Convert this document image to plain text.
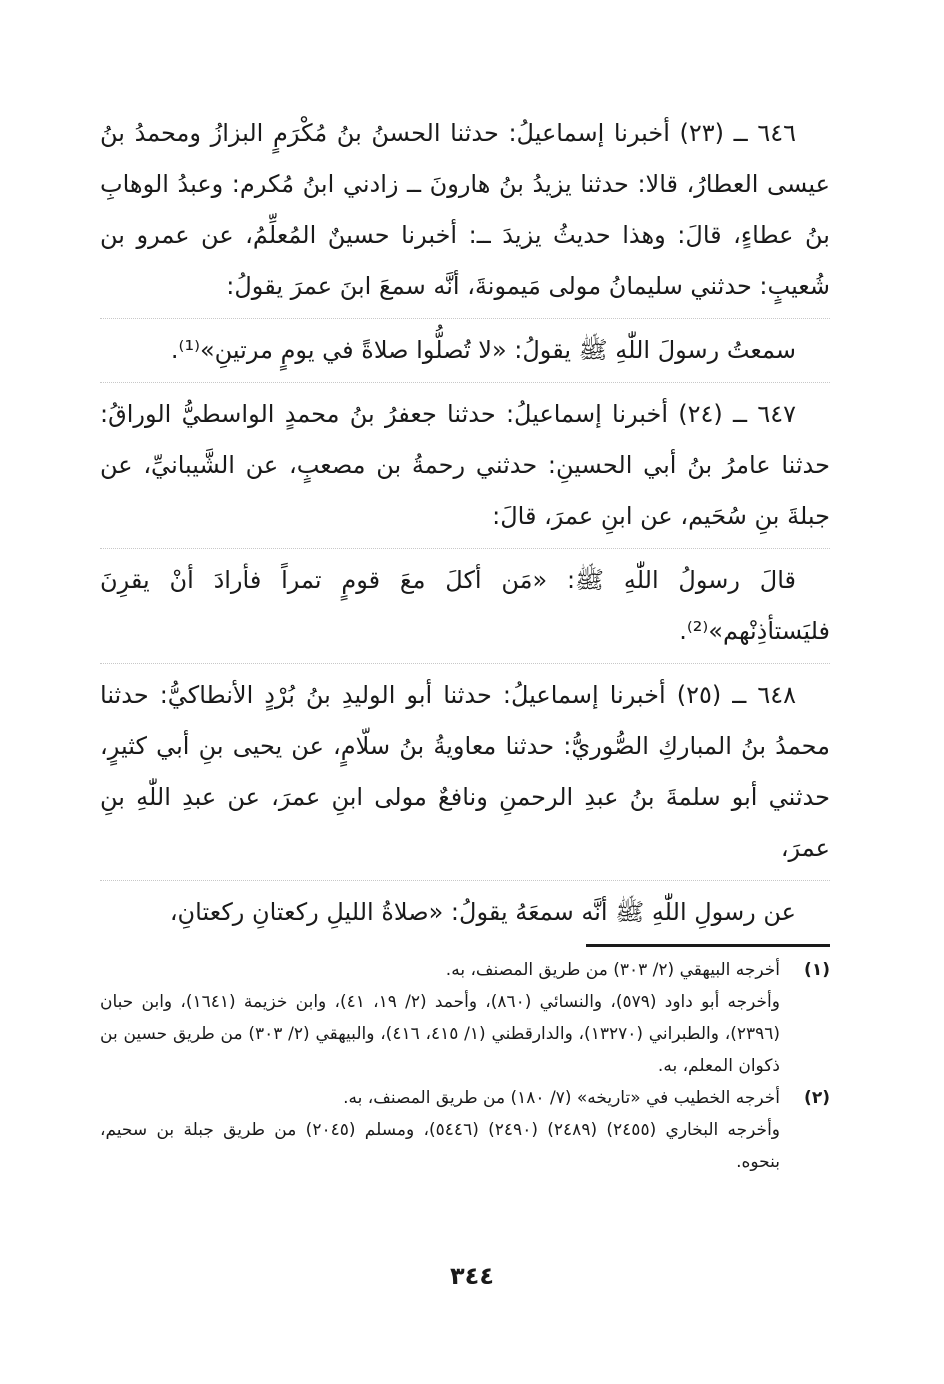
٦٤٦ ــ (٢٣) أخبرنا إسماعيلُ: حدثنا الحسنُ بنُ مُكْرَمٍ البزازُ ومحمدُ بنُ عيسى العطارُ، قالا: حدثنا يزيدُ بنُ هارونَ ــ زادني ابنُ مُكرم: وعبدُ الوهابِ بنُ عطاءٍ، قالَ: وهذا حديثُ يزيدَ ــ: أخبرنا حسينٌ المُعلِّمُ، عن عمرو بن شُعيبٍ: حدثني سليمانُ مولى مَيمونةَ، أنَّه سمعَ ابنَ عمرَ يقولُ:

سمعتُ رسولَ اللّٰهِ ﷺ يقولُ: «لا تُصلُّوا صلاةً في يومٍ مرتينِ»⁽¹⁾.

٦٤٧ ــ (٢٤) أخبرنا إسماعيلُ: حدثنا جعفرُ بنُ محمدٍ الواسطيُّ الوراقُ: حدثنا عامرُ بنُ أبي الحسينِ: حدثني رحمةُ بن مصعبٍ، عن الشَّيبانيِّ، عن جبلةَ بنِ سُحَيم، عن ابنِ عمرَ، قالَ:

قالَ رسولُ اللّٰهِ ﷺ: «مَن أكلَ معَ قومٍ تمراً فأرادَ أنْ يقرِنَ فليَستأذِنْهم»⁽²⁾.

٦٤٨ ــ (٢٥) أخبرنا إسماعيلُ: حدثنا أبو الوليدِ بنُ بُرْدٍ الأنطاكيُّ: حدثنا محمدُ بنُ المباركِ الصُّوريُّ: حدثنا معاويةُ بنُ سلّامٍ، عن يحيى بنِ أبي كثيرٍ، حدثني أبو سلمةَ بنُ عبدِ الرحمنِ ونافعٌ مولى ابنِ عمرَ، عن عبدِ اللّٰهِ بنِ عمرَ،

عن رسولِ اللّٰهِ ﷺ أنَّه سمعَهُ يقولُ: «صلاةُ الليلِ ركعتانِ ركعتانِ،

(١)
أخرجه البيهقي (٢/ ٣٠٣) من طريق المصنف، به.
وأخرجه أبو داود (٥٧٩)، والنسائي (٨٦٠)، وأحمد (٢/ ١٩، ٤١)، وابن خزيمة (١٦٤١)، وابن حبان (٢٣٩٦)، والطبراني (١٣٢٧٠)، والدارقطني (١/ ٤١٥، ٤١٦)، والبيهقي (٢/ ٣٠٣) من طريق حسين بن ذكوان المعلم، به.
(٢)
أخرجه الخطيب في «تاريخه» (٧/ ١٨٠) من طريق المصنف، به.
وأخرجه البخاري (٢٤٥٥) (٢٤٨٩) (٢٤٩٠) (٥٤٤٦)، ومسلم (٢٠٤٥) من طريق جبلة بن سحيم، بنحوه.
٣٤٤
